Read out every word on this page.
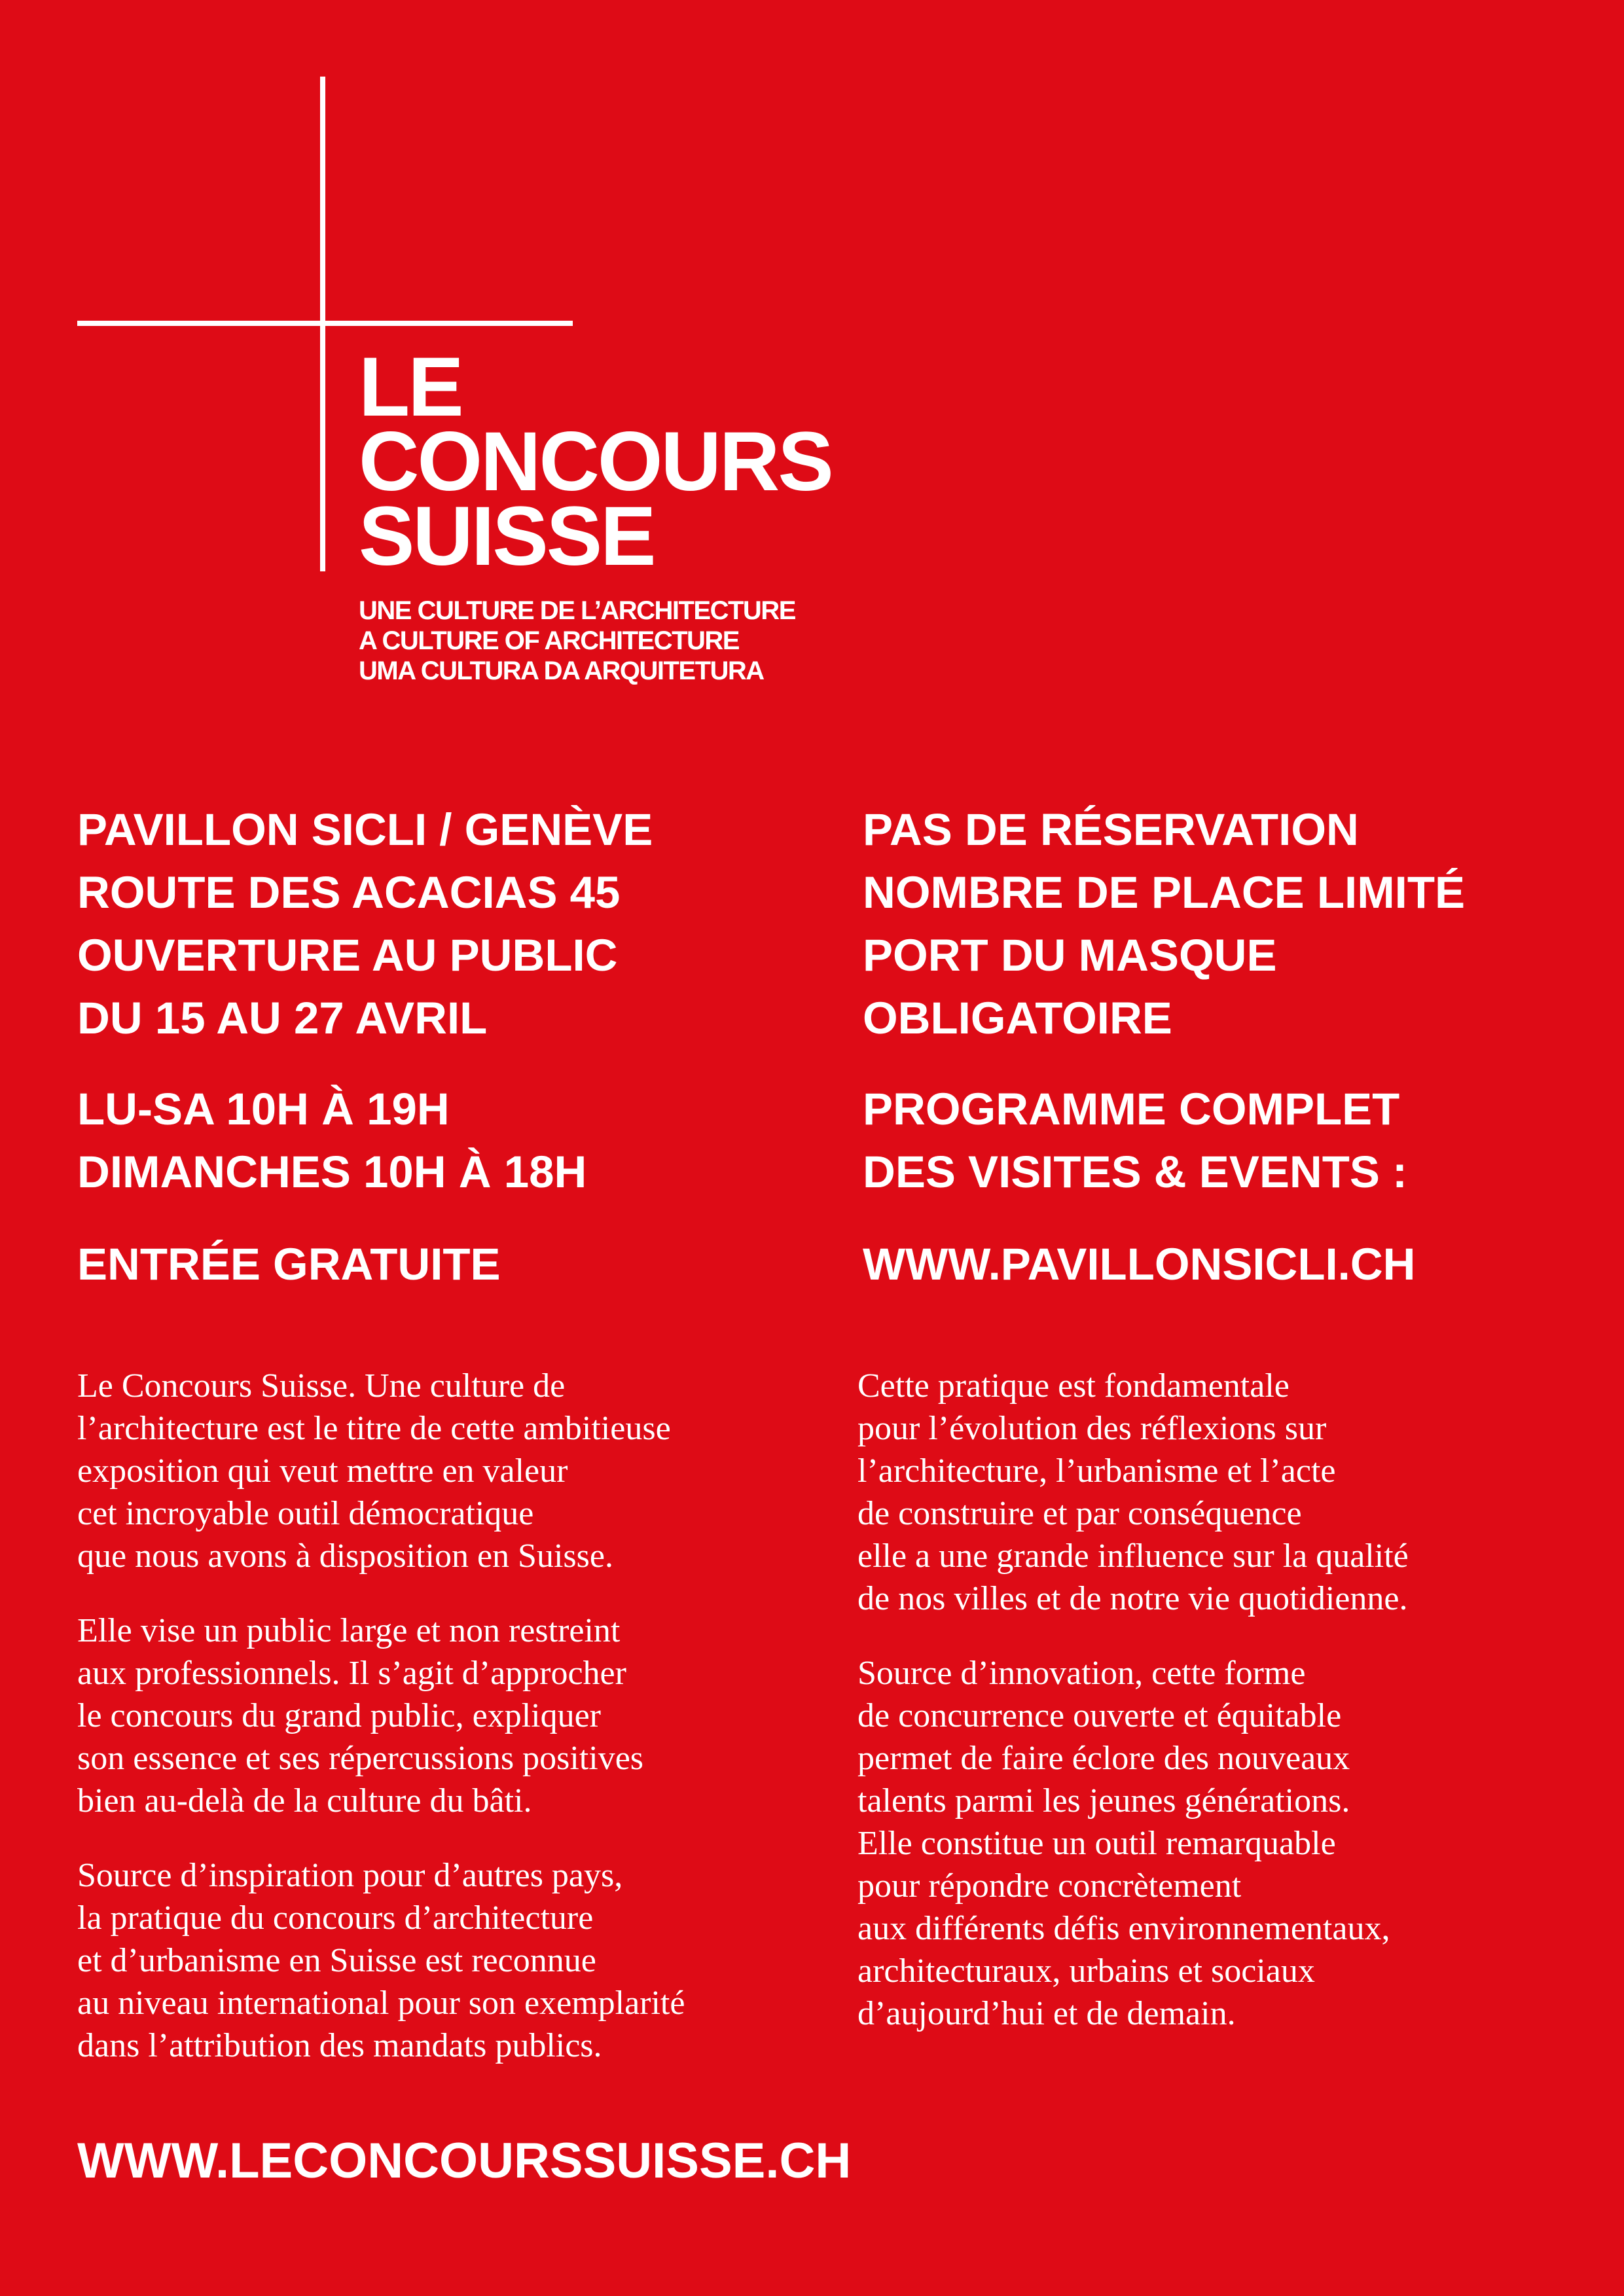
LE
CONCOURS
SUISSE
UNE CULTURE DE L’ARCHITECTURE
A CULTURE OF ARCHITECTURE
UMA CULTURA DA ARQUITETURA
PAVILLON SICLI / GENÈVE
ROUTE DES ACACIAS 45
OUVERTURE AU PUBLIC
DU 15 AU 27 AVRIL
LU-SA 10H À 19H
DIMANCHES 10H À 18H
ENTRÉE GRATUITE
PAS DE RÉSERVATION
NOMBRE DE PLACE LIMITÉ
PORT DU MASQUE
OBLIGATOIRE
PROGRAMME COMPLET
DES VISITES & EVENTS :
WWW.PAVILLONSICLI.CH

Le Concours Suisse. Une culture de
l’architecture est le titre de cette ambitieuse
exposition qui veut mettre en valeur
cet incroyable outil démocratique
que nous avons à disposition en Suisse.

Elle vise un public large et non restreint
aux professionnels. Il s’agit d’approcher
le concours du grand public, expliquer
son essence et ses répercussions positives
bien au-delà de la culture du bâti.

Source d’inspiration pour d’autres pays,
la pratique du concours d’architecture
et d’urbanisme en Suisse est reconnue
au niveau international pour son exemplarité
dans l’attribution des mandats publics.

Cette pratique est fondamentale
pour l’évolution des réflexions sur
l’architecture, l’urbanisme et l’acte
de construire et par conséquence
elle a une grande influence sur la qualité
de nos villes et de notre vie quotidienne.

Source d’innovation, cette forme
de concurrence ouverte et équitable
permet de faire éclore des nouveaux
talents parmi les jeunes générations.
Elle constitue un outil remarquable
pour répondre concrètement
aux différents défis environnementaux,
architecturaux, urbains et sociaux
d’aujourd’hui et de demain.

WWW.LECONCOURSSUISSE.CH
